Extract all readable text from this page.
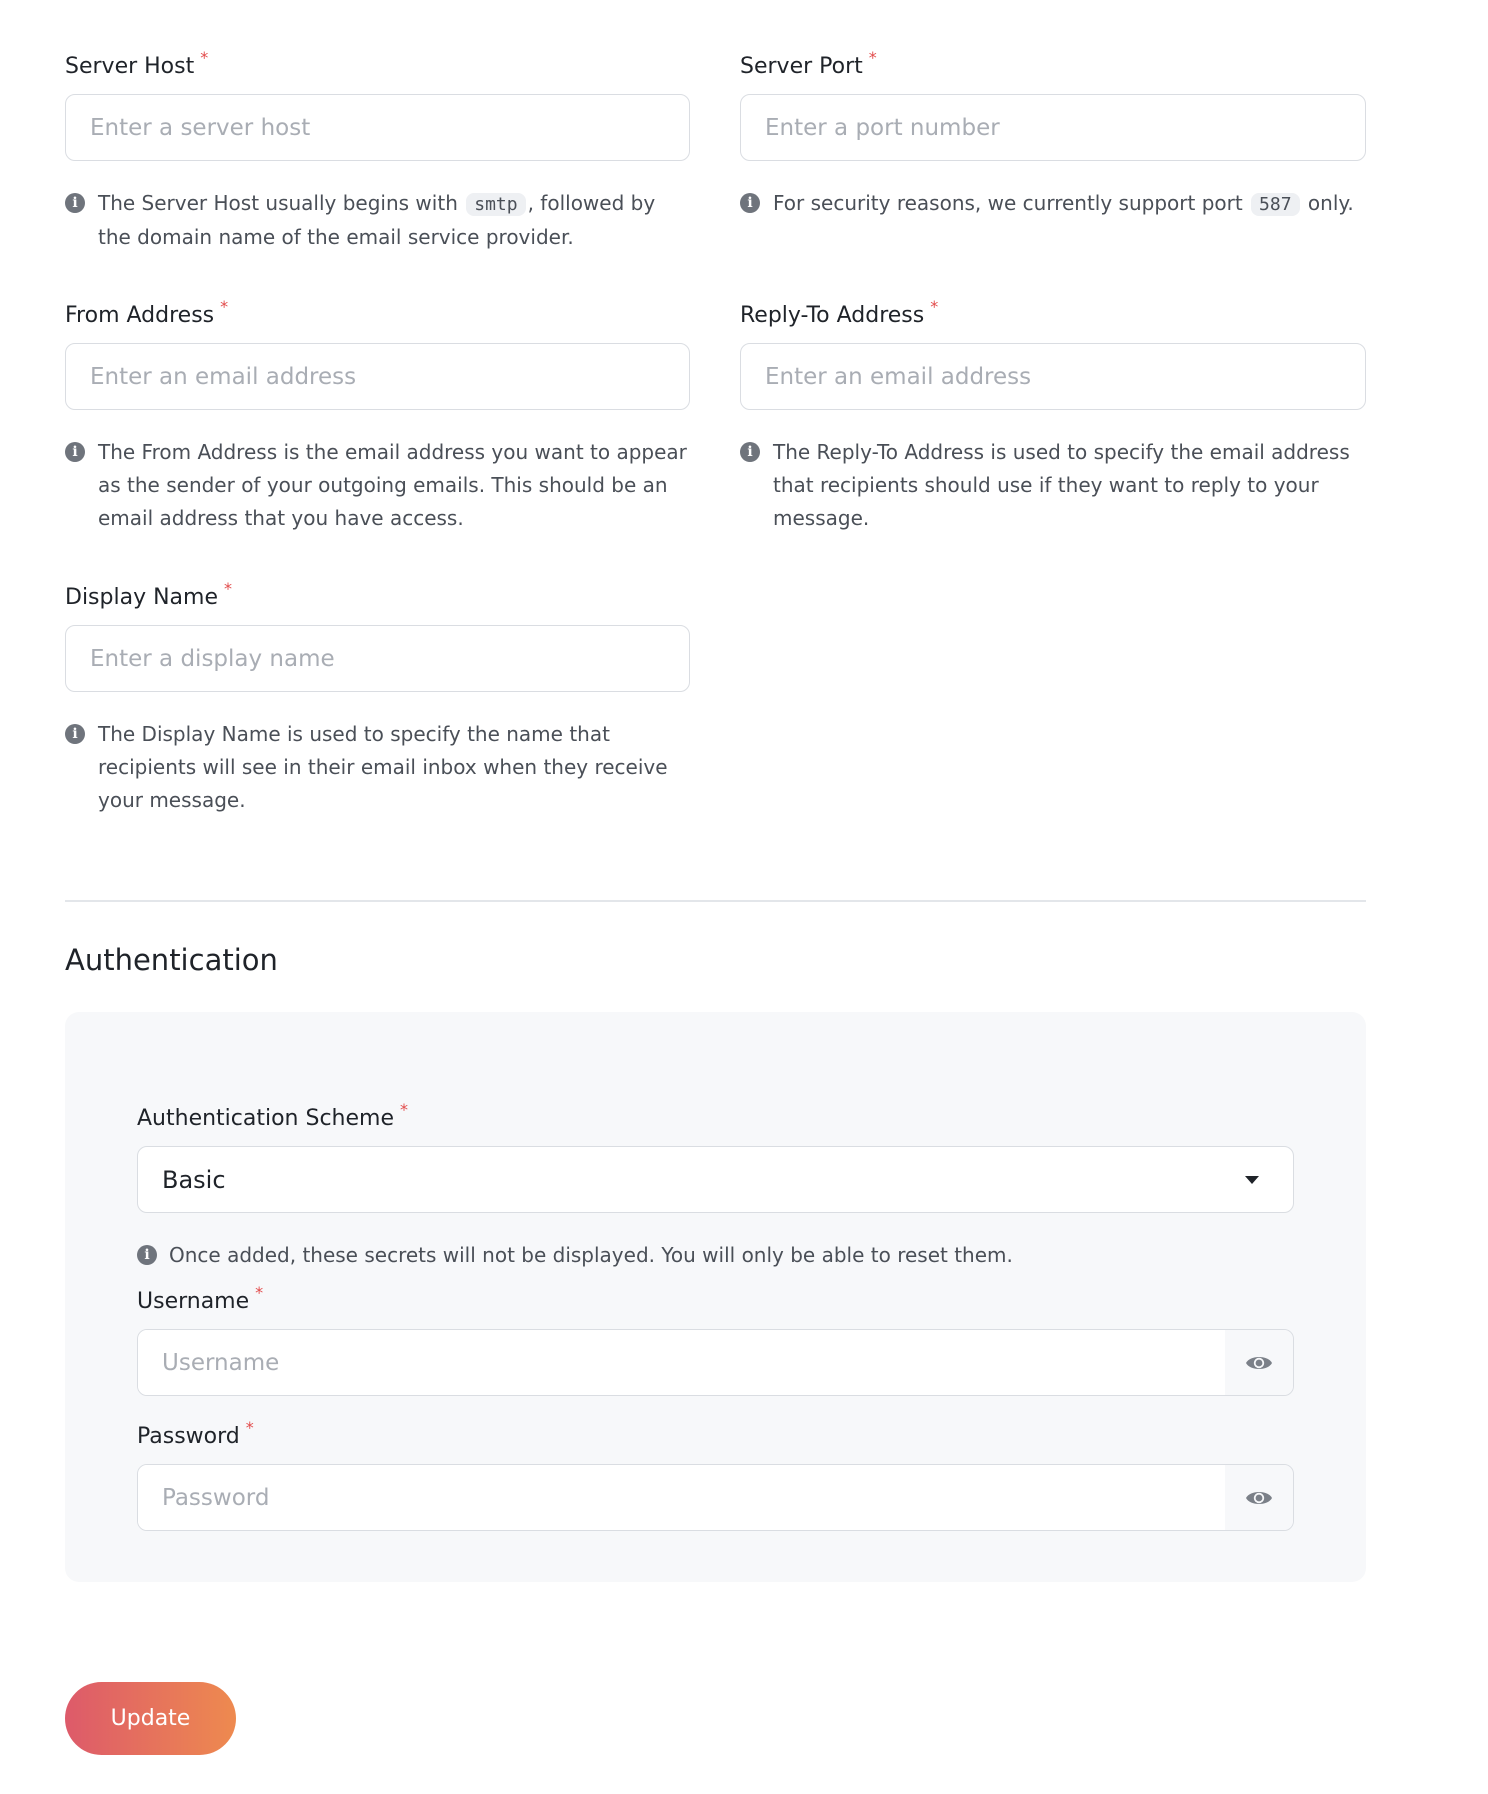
Server Host *
Enter a server host
i	The Server Host usually begins with smtp , followed by the domain name of the email service provider.
Server Port *
Enter a port number
i	For security reasons, we currently support port 587 only.
From Address *
Enter an email address
i	The From Address is the email address you want to appear as the sender of your outgoing emails. This should be an email address that you have access.
Reply-To Address *
Enter an email address
i	The Reply-To Address is used to specify the email address that recipients should use if they want to reply to your message.
Display Name *
Enter a display name
i	The Display Name is used to specify the name that recipients will see in their email inbox when they receive your message.
Authentication
Authentication Scheme *
Basic
i Once added, these secrets will not be displayed. You will only be able to reset them.
Username *
Username
Password *
Update
